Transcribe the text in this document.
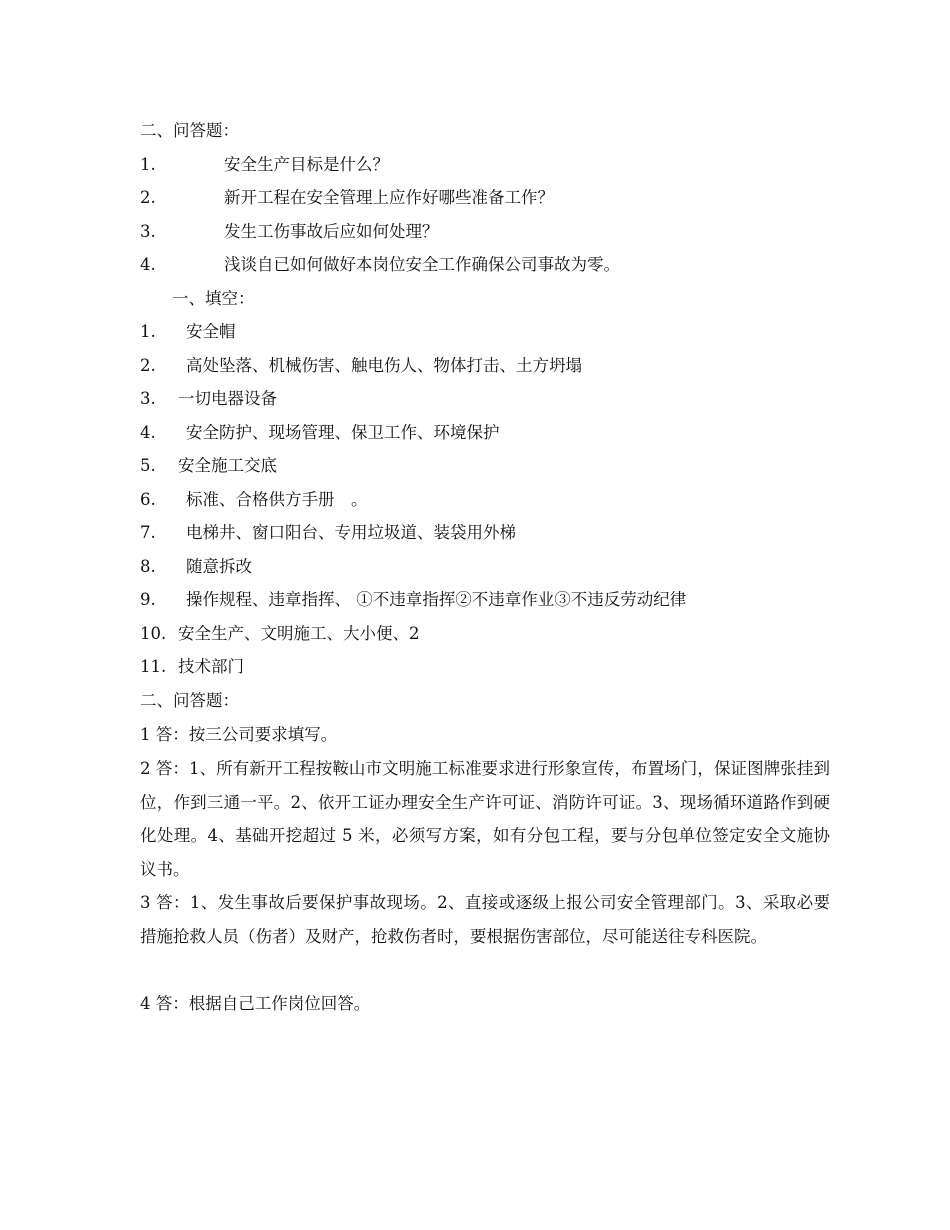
二、问答题：
1.	安全生产目标是什么？
2.	新开工程在安全管理上应作好哪些准备工作？
3.	发生工伤事故后应如何处理？
4.	浅谈自已如何做好本岗位安全工作确保公司事故为零。
一、填空：
1. 安全帽
2. 高处坠落、机械伤害、触电伤人、物体打击、土方坍塌
3. 一切电器设备
4. 安全防护、现场管理、保卫工作、环境保护
5. 安全施工交底
6. 标准、合格供方手册　。
7. 电梯井、窗口阳台、专用垃圾道、装袋用外梯
8. 随意拆改
9. 操作规程、违章指挥、 ①不违章指挥②不违章作业③不违反劳动纪律
10. 安全生产、文明施工、大小便、2
11. 技术部门
二、问答题：
1 答：按三公司要求填写。
2 答：1、所有新开工程按鞍山市文明施工标准要求进行形象宣传，布置场门，保证图牌张挂到位，作到三通一平。2、依开工证办理安全生产许可证、消防许可证。3、现场循环道路作到硬化处理。4、基础开挖超过 5 米，必须写方案，如有分包工程，要与分包单位签定安全文施协议书。
3 答：1、发生事故后要保护事故现场。2、直接或逐级上报公司安全管理部门。3、采取必要措施抢救人员（伤者）及财产，抢救伤者时，要根据伤害部位，尽可能送往专科医院。
4 答：根据自己工作岗位回答。
